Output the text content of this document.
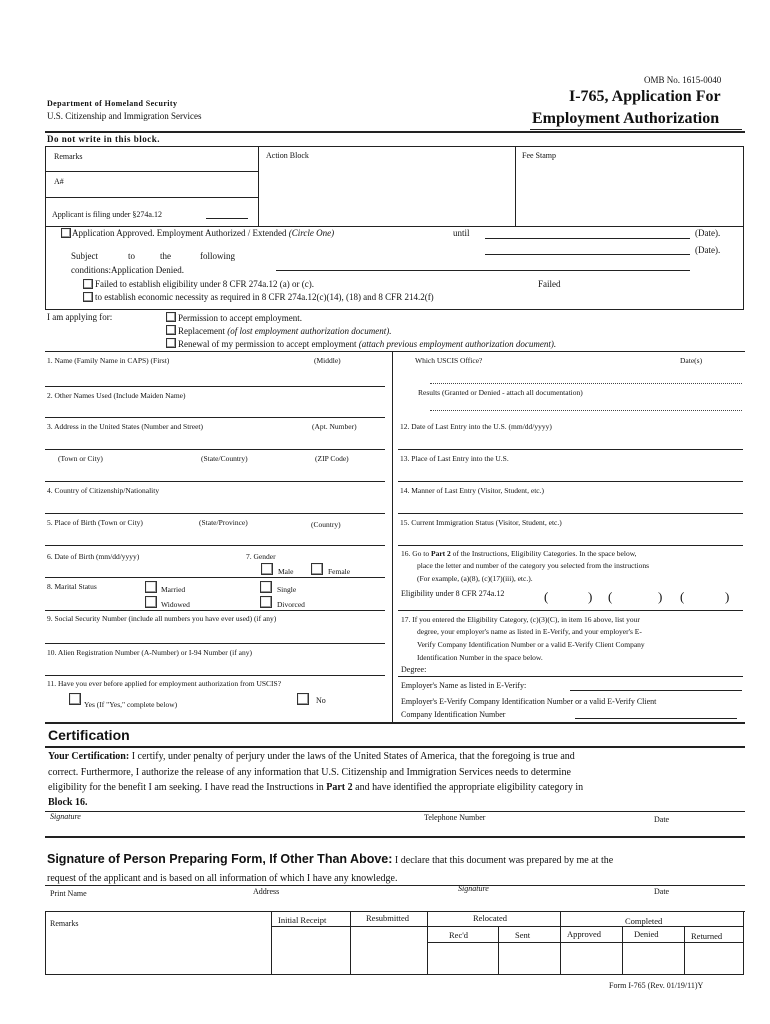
OMB No. 1615-0040
I-765, Application For
Employment Authorization
Department of Homeland Security
U.S. Citizenship and Immigration Services
Do not write in this block.
Remarks	Action Block	Fee Stamp
A#
Applicant is filing under §274a.12
Application Approved. Employment Authorized / Extended (Circle One)	until	(Date).
(Date).
Subject	to	the	following
conditions:Application Denied.
Failed to establish eligibility under 8 CFR 274a.12 (a) or (c).	Failed
to establish economic necessity as required in 8 CFR 274a.12(c)(14), (18) and 8 CFR 214.2(f)
I am applying for:	Permission to accept employment.
Replacement (of lost employment authorization document).
Renewal of my permission to accept employment (attach previous employment authorization document).
1. Name (Family Name in CAPS) (First)	(Middle)
2. Other Names Used (Include Maiden Name)
3. Address in the United States (Number and Street)	(Apt. Number)
(Town or City)	(State/Country)	(ZIP Code)
4. Country of Citizenship/Nationality
5. Place of Birth (Town or City)	(State/Province)	(Country)
6. Date of Birth (mm/dd/yyyy)	7. Gender
Male	Female
8. Marital Status	Married	Single
Widowed	Divorced
9. Social Security Number (include all numbers you have ever used) (if any)
10. Alien Registration Number (A-Number) or I-94 Number (if any)
11. Have you ever before applied for employment authorization from USCIS?
Yes (If "Yes," complete below)	No
Which USCIS Office?	Date(s)
Results (Granted or Denied - attach all documentation)
12. Date of Last Entry into the U.S. (mm/dd/yyyy)
13. Place of Last Entry into the U.S.
14. Manner of Last Entry (Visitor, Student, etc.)
15. Current Immigration Status (Visitor, Student, etc.)
16. Go to Part 2 of the Instructions, Eligibility Categories. In the space below,
place the letter and number of the category you selected from the instructions
(For example, (a)(8), (c)(17)(iii), etc.).
Eligibility under 8 CFR 274a.12	(	) (	) (	)
17. If you entered the Eligibility Category, (c)(3)(C), in item 16 above, list your
degree, your employer's name as listed in E-Verify, and your employer's E-
Verify Company Identification Number or a valid E-Verify Client Company
Identification Number in the space below.
Degree:
Employer's Name as listed in E-Verify:
Employer's E-Verify Company Identification Number or a valid E-Verify Client
Company Identification Number
Certification
Your Certification: I certify, under penalty of perjury under the laws of the United States of America, that the foregoing is true and
correct. Furthermore, I authorize the release of any information that U.S. Citizenship and Immigration Services needs to determine
eligibility for the benefit I am seeking. I have read the Instructions in Part 2 and have identified the appropriate eligibility category in
Block 16.
Signature	Telephone Number	Date
Signature of Person Preparing Form, If Other Than Above: I declare that this document was prepared by me at the
request of the applicant and is based on all information of which I have any knowledge.
Signature
Print Name	Address	Date
Remarks	Initial Receipt	Resubmitted	Relocated	Completed
Rec'd	Sent	Approved	Denied	Returned
Form I-765 (Rev. 01/19/11)Y
